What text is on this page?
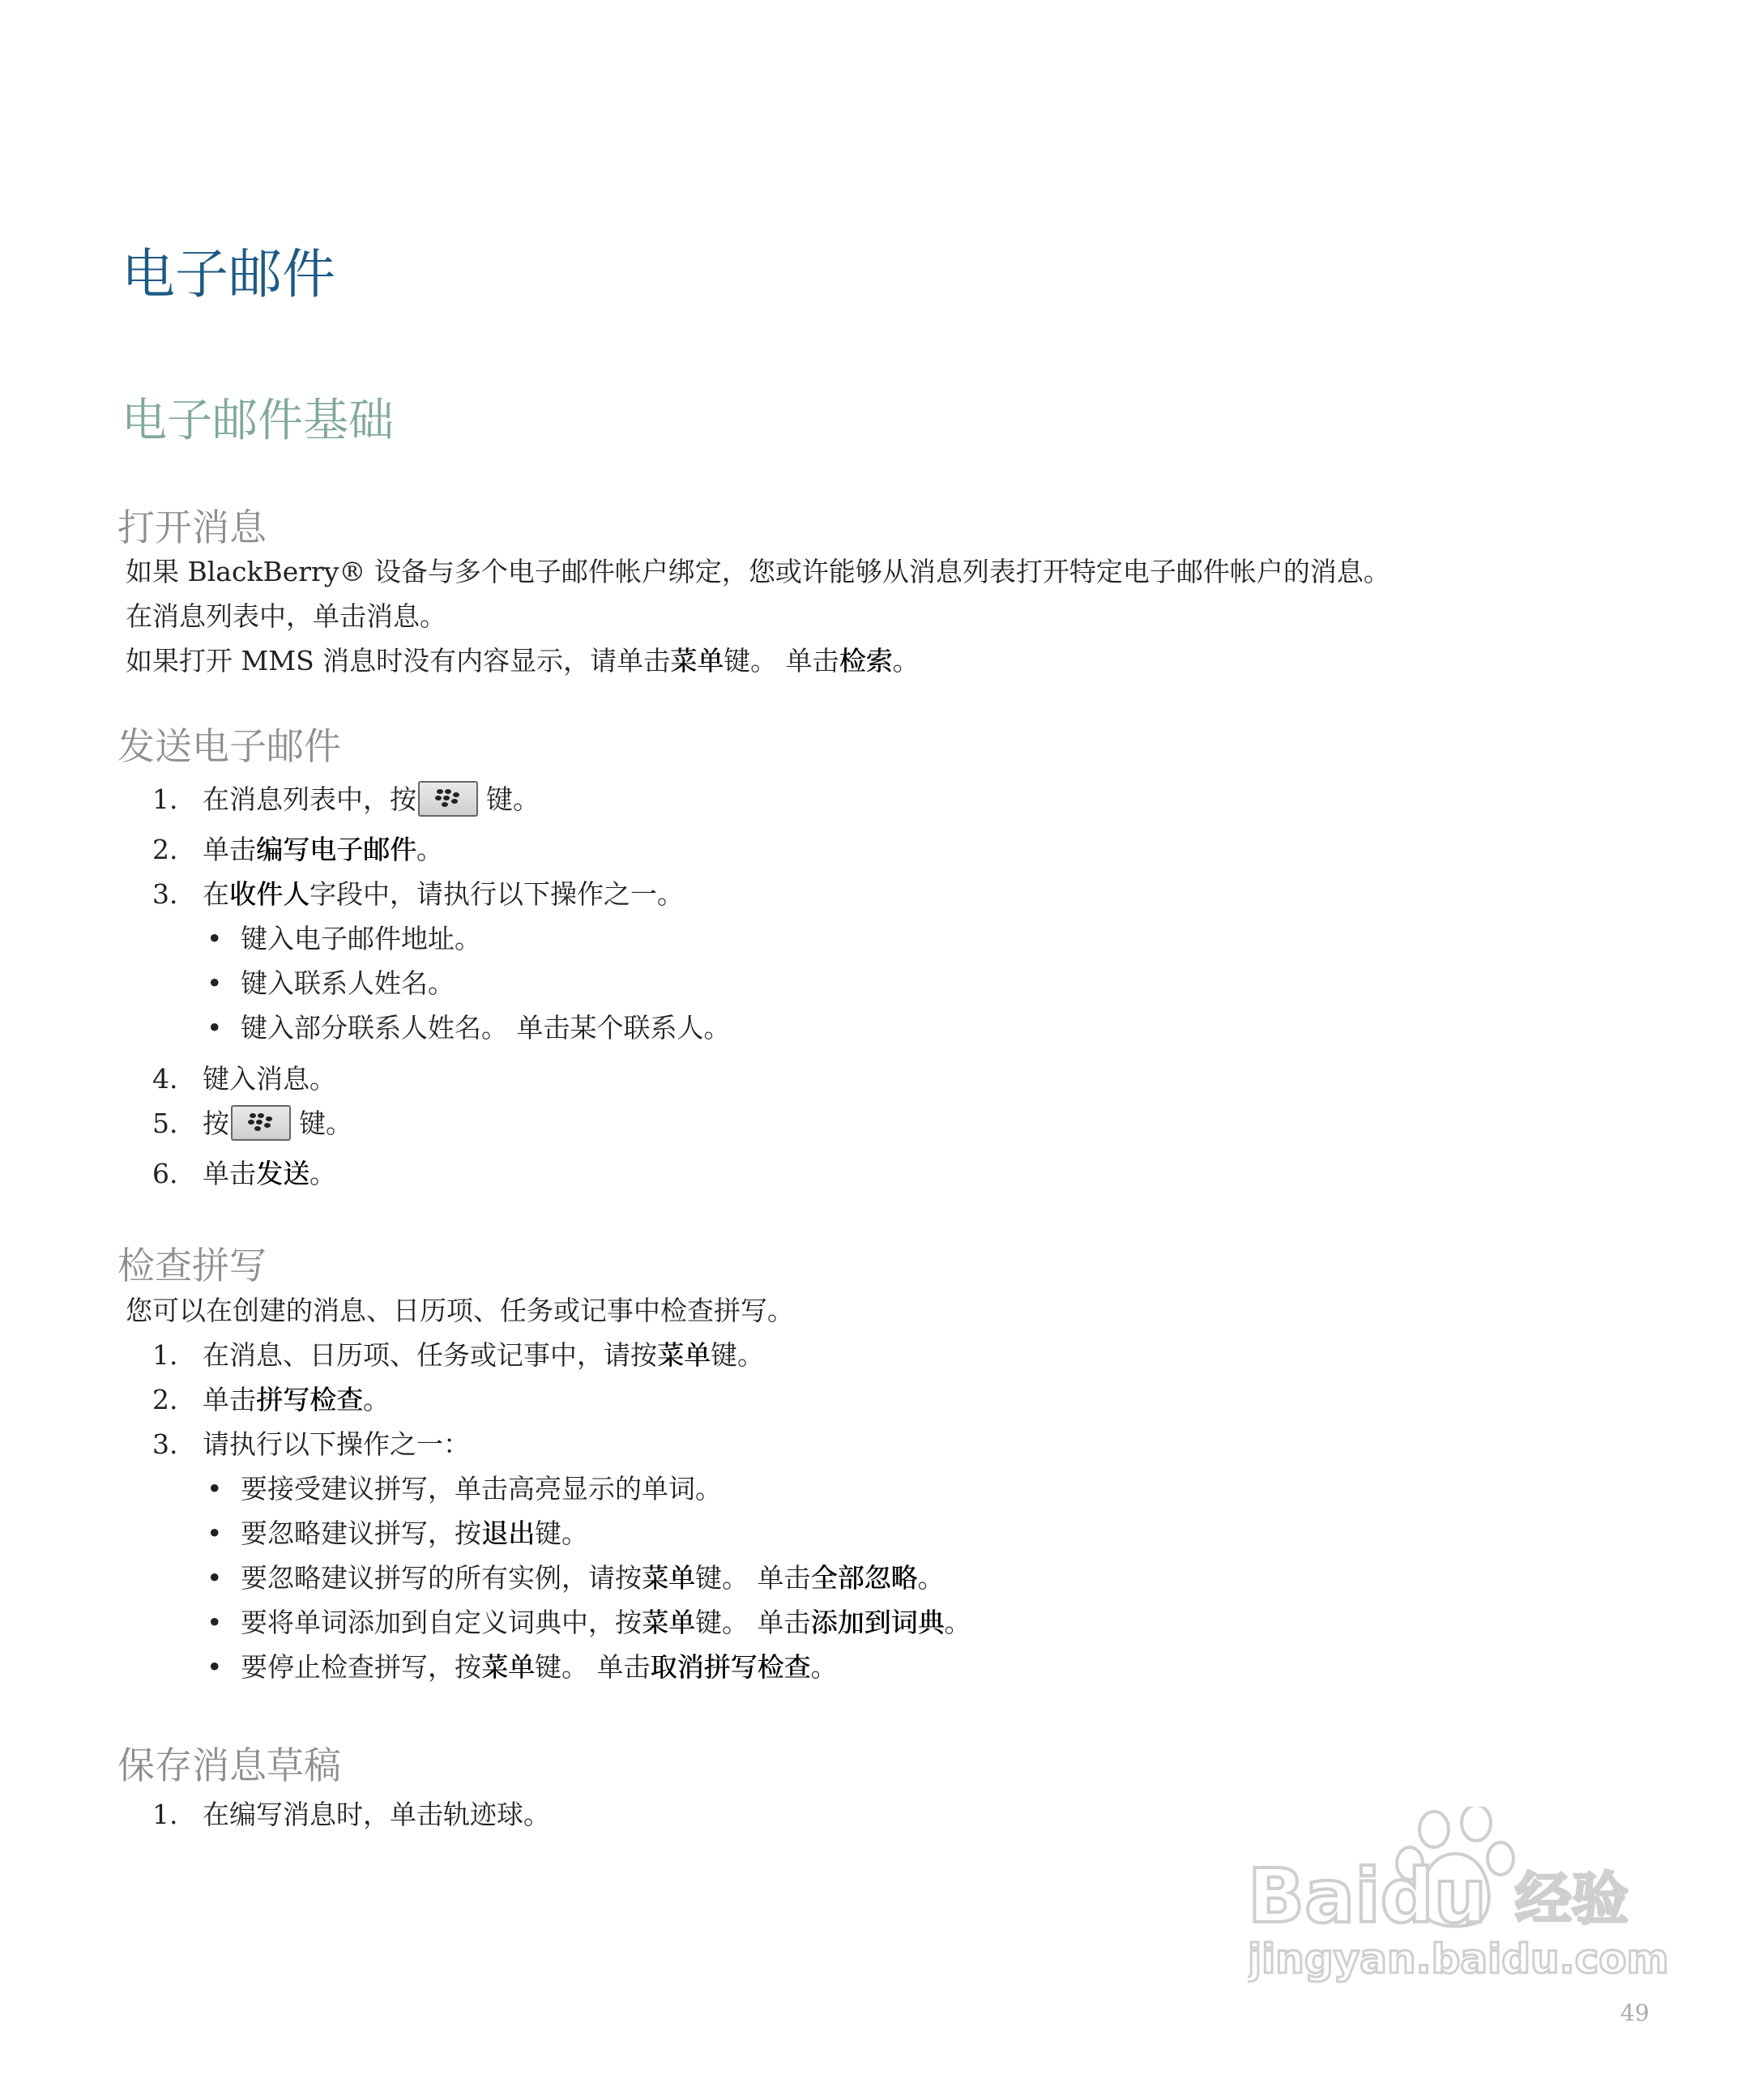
电子邮件
电子邮件基础
打开消息
如果 BlackBerry® 设备与多个电子邮件帐户绑定，您或许能够从消息列表打开特定电子邮件帐户的消息。
在消息列表中，单击消息。
如果打开 MMS 消息时没有内容显示，请单击菜单键。 单击检索。
发送电子邮件
1. 在消息列表中，按	键。
2. 单击编写电子邮件。
3. 在收件人字段中，请执行以下操作之一。
• 键入电子邮件地址。
• 键入联系人姓名。
• 键入部分联系人姓名。 单击某个联系人。
4. 键入消息。
5. 按	键。
6. 单击发送。
检查拼写
您可以在创建的消息、日历项、任务或记事中检查拼写。
1. 在消息、日历项、任务或记事中，请按菜单键。
2. 单击拼写检查。
3. 请执行以下操作之一：
• 要接受建议拼写，单击高亮显示的单词。
• 要忽略建议拼写，按退出键。
• 要忽略建议拼写的所有实例，请按菜单键。 单击全部忽略。
• 要将单词添加到自定义词典中，按菜单键。 单击添加到词典。
• 要停止检查拼写，按菜单键。 单击取消拼写检查。
保存消息草稿
1. 在编写消息时，单击轨迹球。
Baidu 经验
jingyan.baidu.com
49
